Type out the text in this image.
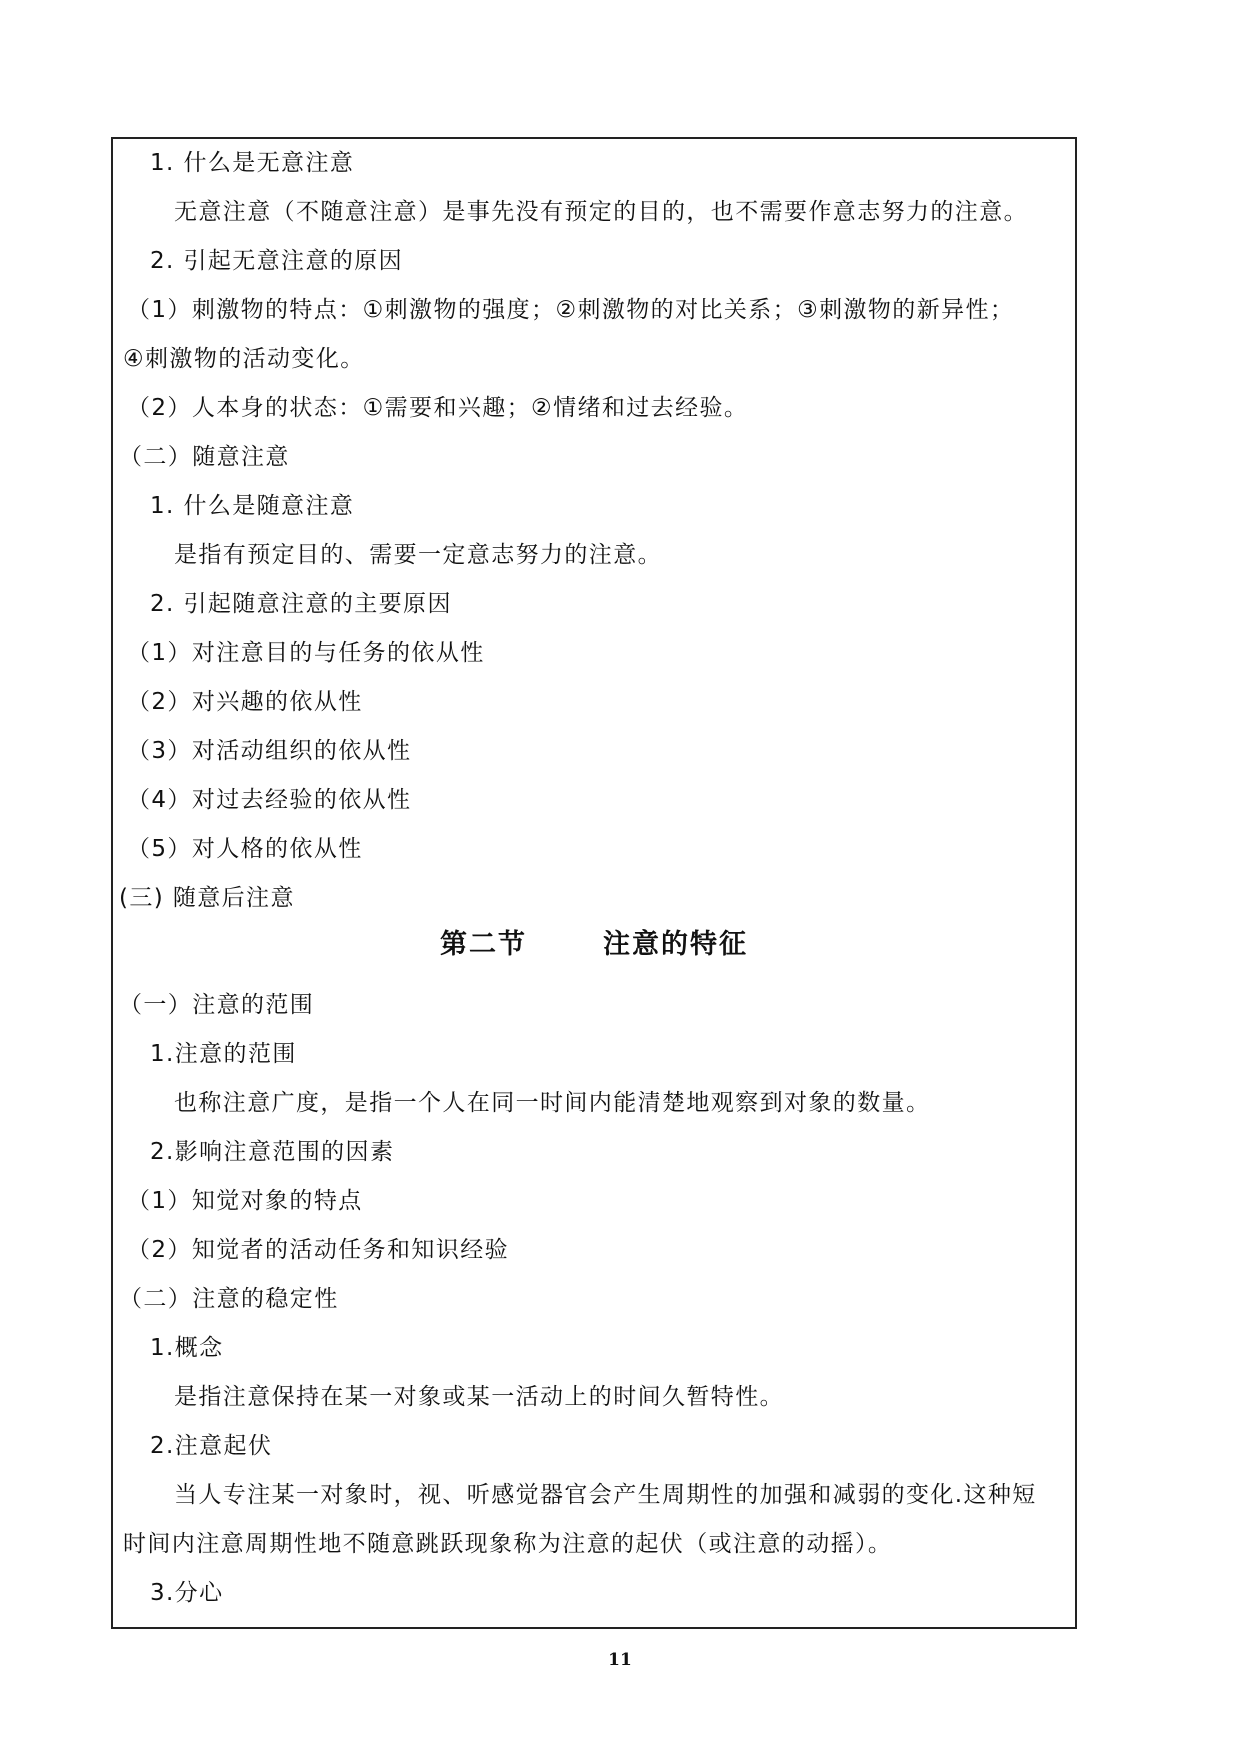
1. 什么是无意注意
无意注意（不随意注意）是事先没有预定的目的，也不需要作意志努力的注意。
2. 引起无意注意的原因
（1）刺激物的特点：①刺激物的强度；②刺激物的对比关系；③刺激物的新异性；
④刺激物的活动变化。
（2）人本身的状态：①需要和兴趣；②情绪和过去经验。
（二）随意注意
1. 什么是随意注意
是指有预定目的、需要一定意志努力的注意。
2. 引起随意注意的主要原因
（1）对注意目的与任务的依从性
（2）对兴趣的依从性
（3）对活动组织的依从性
（4）对过去经验的依从性
（5）对人格的依从性
(三) 随意后注意
第二节	注意的特征
（一）注意的范围
1.注意的范围
也称注意广度，是指一个人在同一时间内能清楚地观察到对象的数量。
2.影响注意范围的因素
（1）知觉对象的特点
（2）知觉者的活动任务和知识经验
（二）注意的稳定性
1.概念
是指注意保持在某一对象或某一活动上的时间久暂特性。
2.注意起伏
当人专注某一对象时，视、听感觉器官会产生周期性的加强和减弱的变化.这种短
时间内注意周期性地不随意跳跃现象称为注意的起伏（或注意的动摇）。
3.分心
11
